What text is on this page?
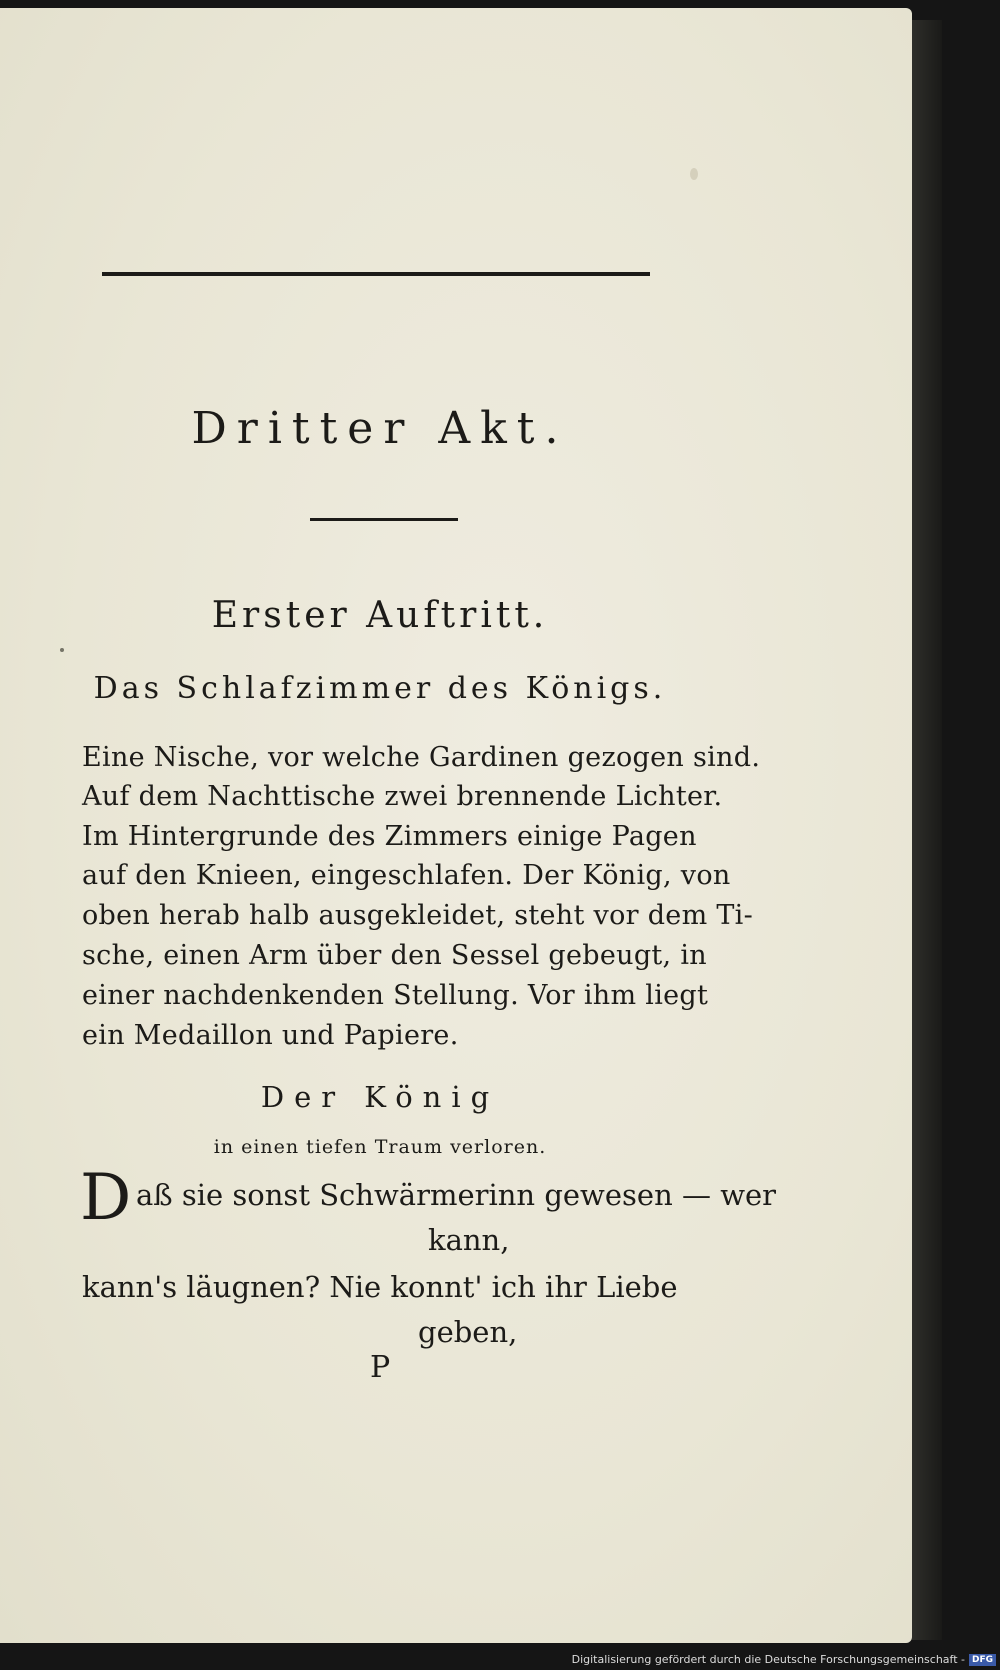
Dritter Akt.
Erster Auftritt.
Das Schlafzimmer des Königs.
Eine Nische, vor welche Gardinen gezogen sind.
Auf dem Nachttische zwei brennende Lichter.
Im Hintergrunde des Zimmers einige Pagen
auf den Knieen, eingeschlafen. Der König, von
oben herab halb ausgekleidet, steht vor dem Ti-
sche, einen Arm über den Sessel gebeugt, in
einer nachdenkenden Stellung. Vor ihm liegt
ein Medaillon und Papiere.
Der König
in einen tiefen Traum verloren.
D aß sie sonst Schwärmerinn gewesen — wer
kann,
kann's läugnen? Nie konnt' ich ihr Liebe
geben,
P
Digitalisierung gefördert durch die Deutsche Forschungsgemeinschaft - DFG
